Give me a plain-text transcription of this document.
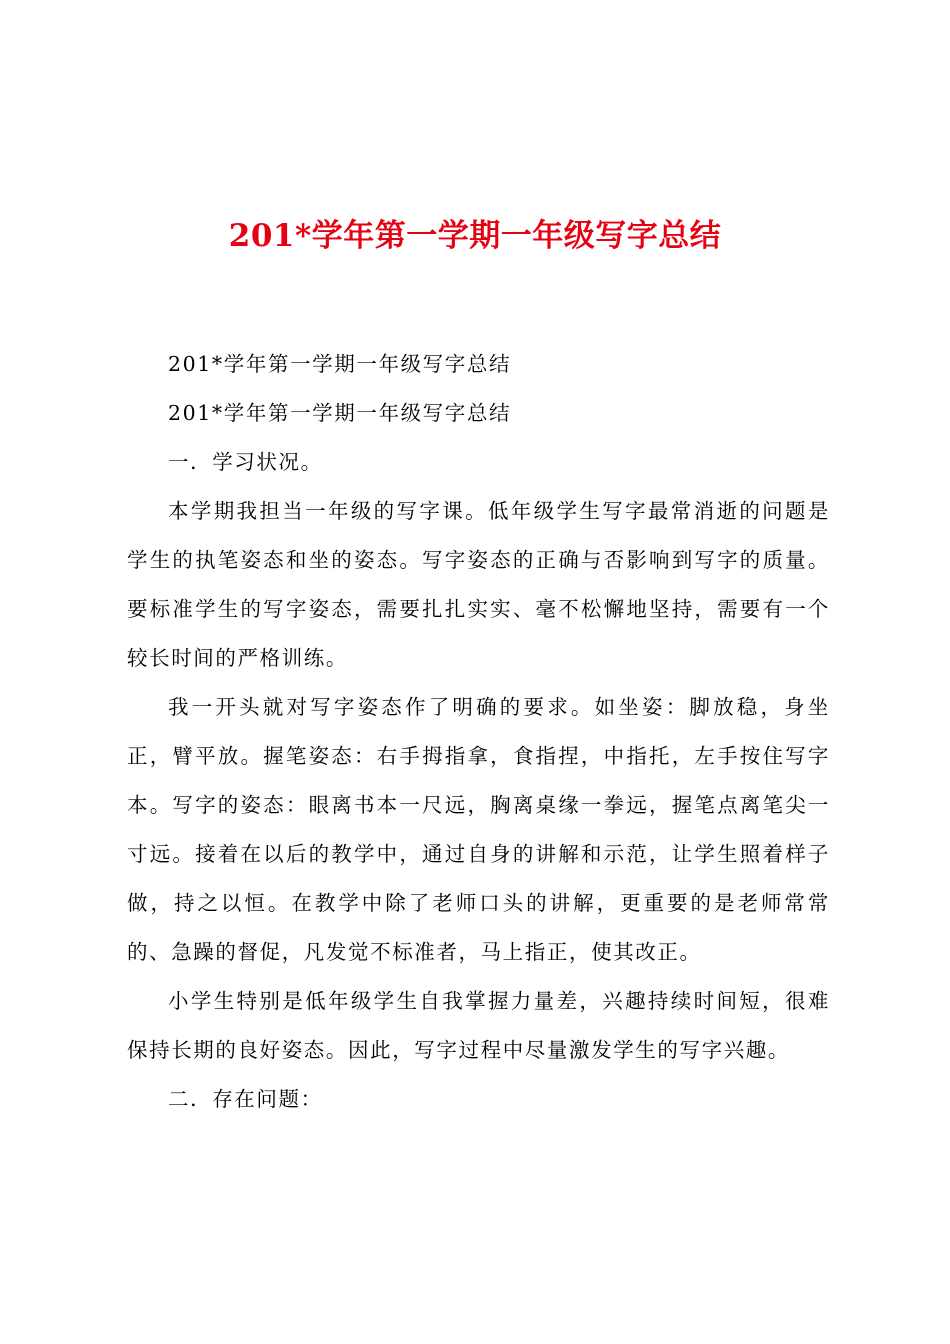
201*学年第一学期一年级写字总结

201*学年第一学期一年级写字总结

201*学年第一学期一年级写字总结

一．学习状况。

本学期我担当一年级的写字课。低年级学生写字最常消逝的问题是学生的执笔姿态和坐的姿态。写字姿态的正确与否影响到写字的质量。要标准学生的写字姿态，需要扎扎实实、毫不松懈地坚持，需要有一个较长时间的严格训练。

我一开头就对写字姿态作了明确的要求。如坐姿：脚放稳，身坐正，臂平放。握笔姿态：右手拇指拿，食指捏，中指托，左手按住写字本。写字的姿态：眼离书本一尺远，胸离桌缘一拳远，握笔点离笔尖一寸远。接着在以后的教学中，通过自身的讲解和示范，让学生照着样子做，持之以恒。在教学中除了老师口头的讲解，更重要的是老师常常的、急躁的督促，凡发觉不标准者，马上指正，使其改正。

小学生特别是低年级学生自我掌握力量差，兴趣持续时间短，很难保持长期的良好姿态。因此，写字过程中尽量激发学生的写字兴趣。

二．存在问题：
